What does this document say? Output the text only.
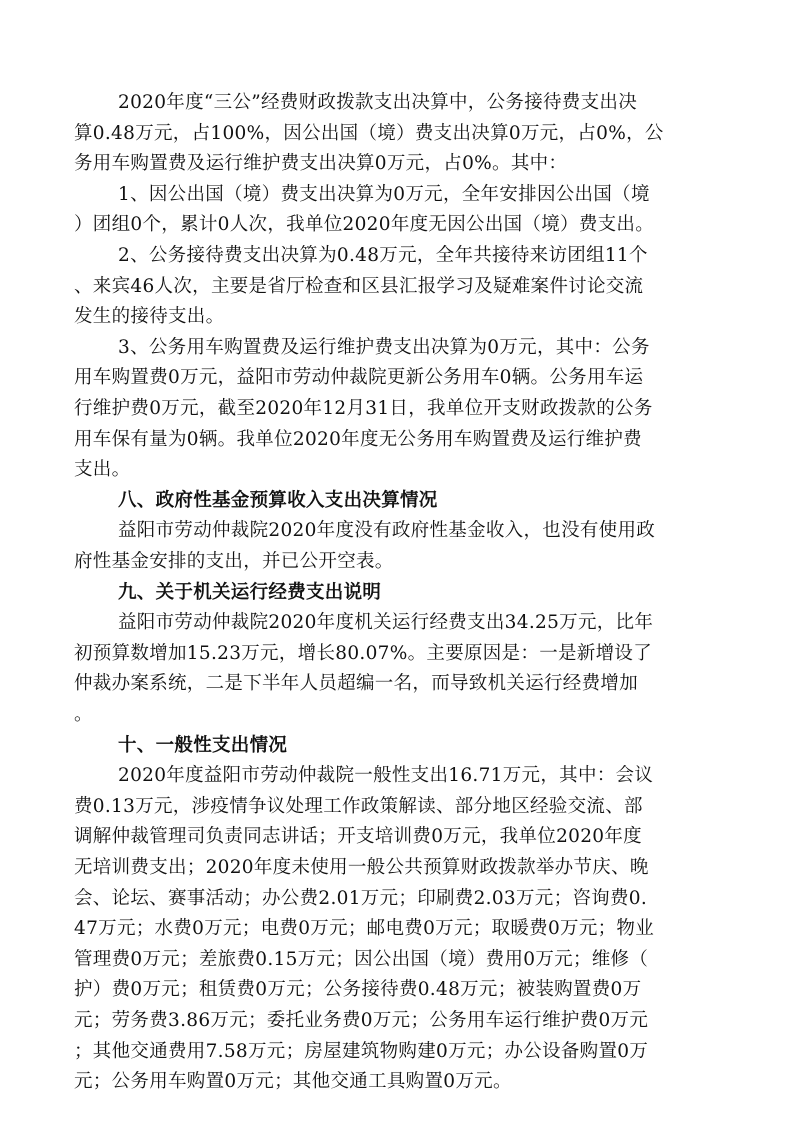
2020年度“三公”经费财政拨款支出决算中，公务接待费支出决
算0.48万元，占100%，因公出国（境）费支出决算0万元，占0%，公
务用车购置费及运行维护费支出决算0万元，占0%。其中：
1、因公出国（境）费支出决算为0万元，全年安排因公出国（境
）团组0个，累计0人次，我单位2020年度无因公出国（境）费支出。
2、公务接待费支出决算为0.48万元，全年共接待来访团组11个
、来宾46人次，主要是省厅检查和区县汇报学习及疑难案件讨论交流
发生的接待支出。
3、公务用车购置费及运行维护费支出决算为0万元，其中：公务
用车购置费0万元，益阳市劳动仲裁院更新公务用车0辆。公务用车运
行维护费0万元，截至2020年12月31日，我单位开支财政拨款的公务
用车保有量为0辆。我单位2020年度无公务用车购置费及运行维护费
支出。
八、政府性基金预算收入支出决算情况
益阳市劳动仲裁院2020年度没有政府性基金收入，也没有使用政
府性基金安排的支出，并已公开空表。
九、关于机关运行经费支出说明
益阳市劳动仲裁院2020年度机关运行经费支出34.25万元，比年
初预算数增加15.23万元，增长80.07%。主要原因是：一是新增设了
仲裁办案系统，二是下半年人员超编一名，而导致机关运行经费增加
。
十、一般性支出情况
2020年度益阳市劳动仲裁院一般性支出16.71万元，其中：会议
费0.13万元，涉疫情争议处理工作政策解读、部分地区经验交流、部
调解仲裁管理司负责同志讲话；开支培训费0万元，我单位2020年度
无培训费支出；2020年度未使用一般公共预算财政拨款举办节庆、晚
会、论坛、赛事活动；办公费2.01万元；印刷费2.03万元；咨询费0.
47万元；水费0万元；电费0万元；邮电费0万元；取暖费0万元；物业
管理费0万元；差旅费0.15万元；因公出国（境）费用0万元；维修（
护）费0万元；租赁费0万元；公务接待费0.48万元；被装购置费0万
元；劳务费3.86万元；委托业务费0万元；公务用车运行维护费0万元
；其他交通费用7.58万元；房屋建筑物购建0万元；办公设备购置0万
元；公务用车购置0万元；其他交通工具购置0万元。
